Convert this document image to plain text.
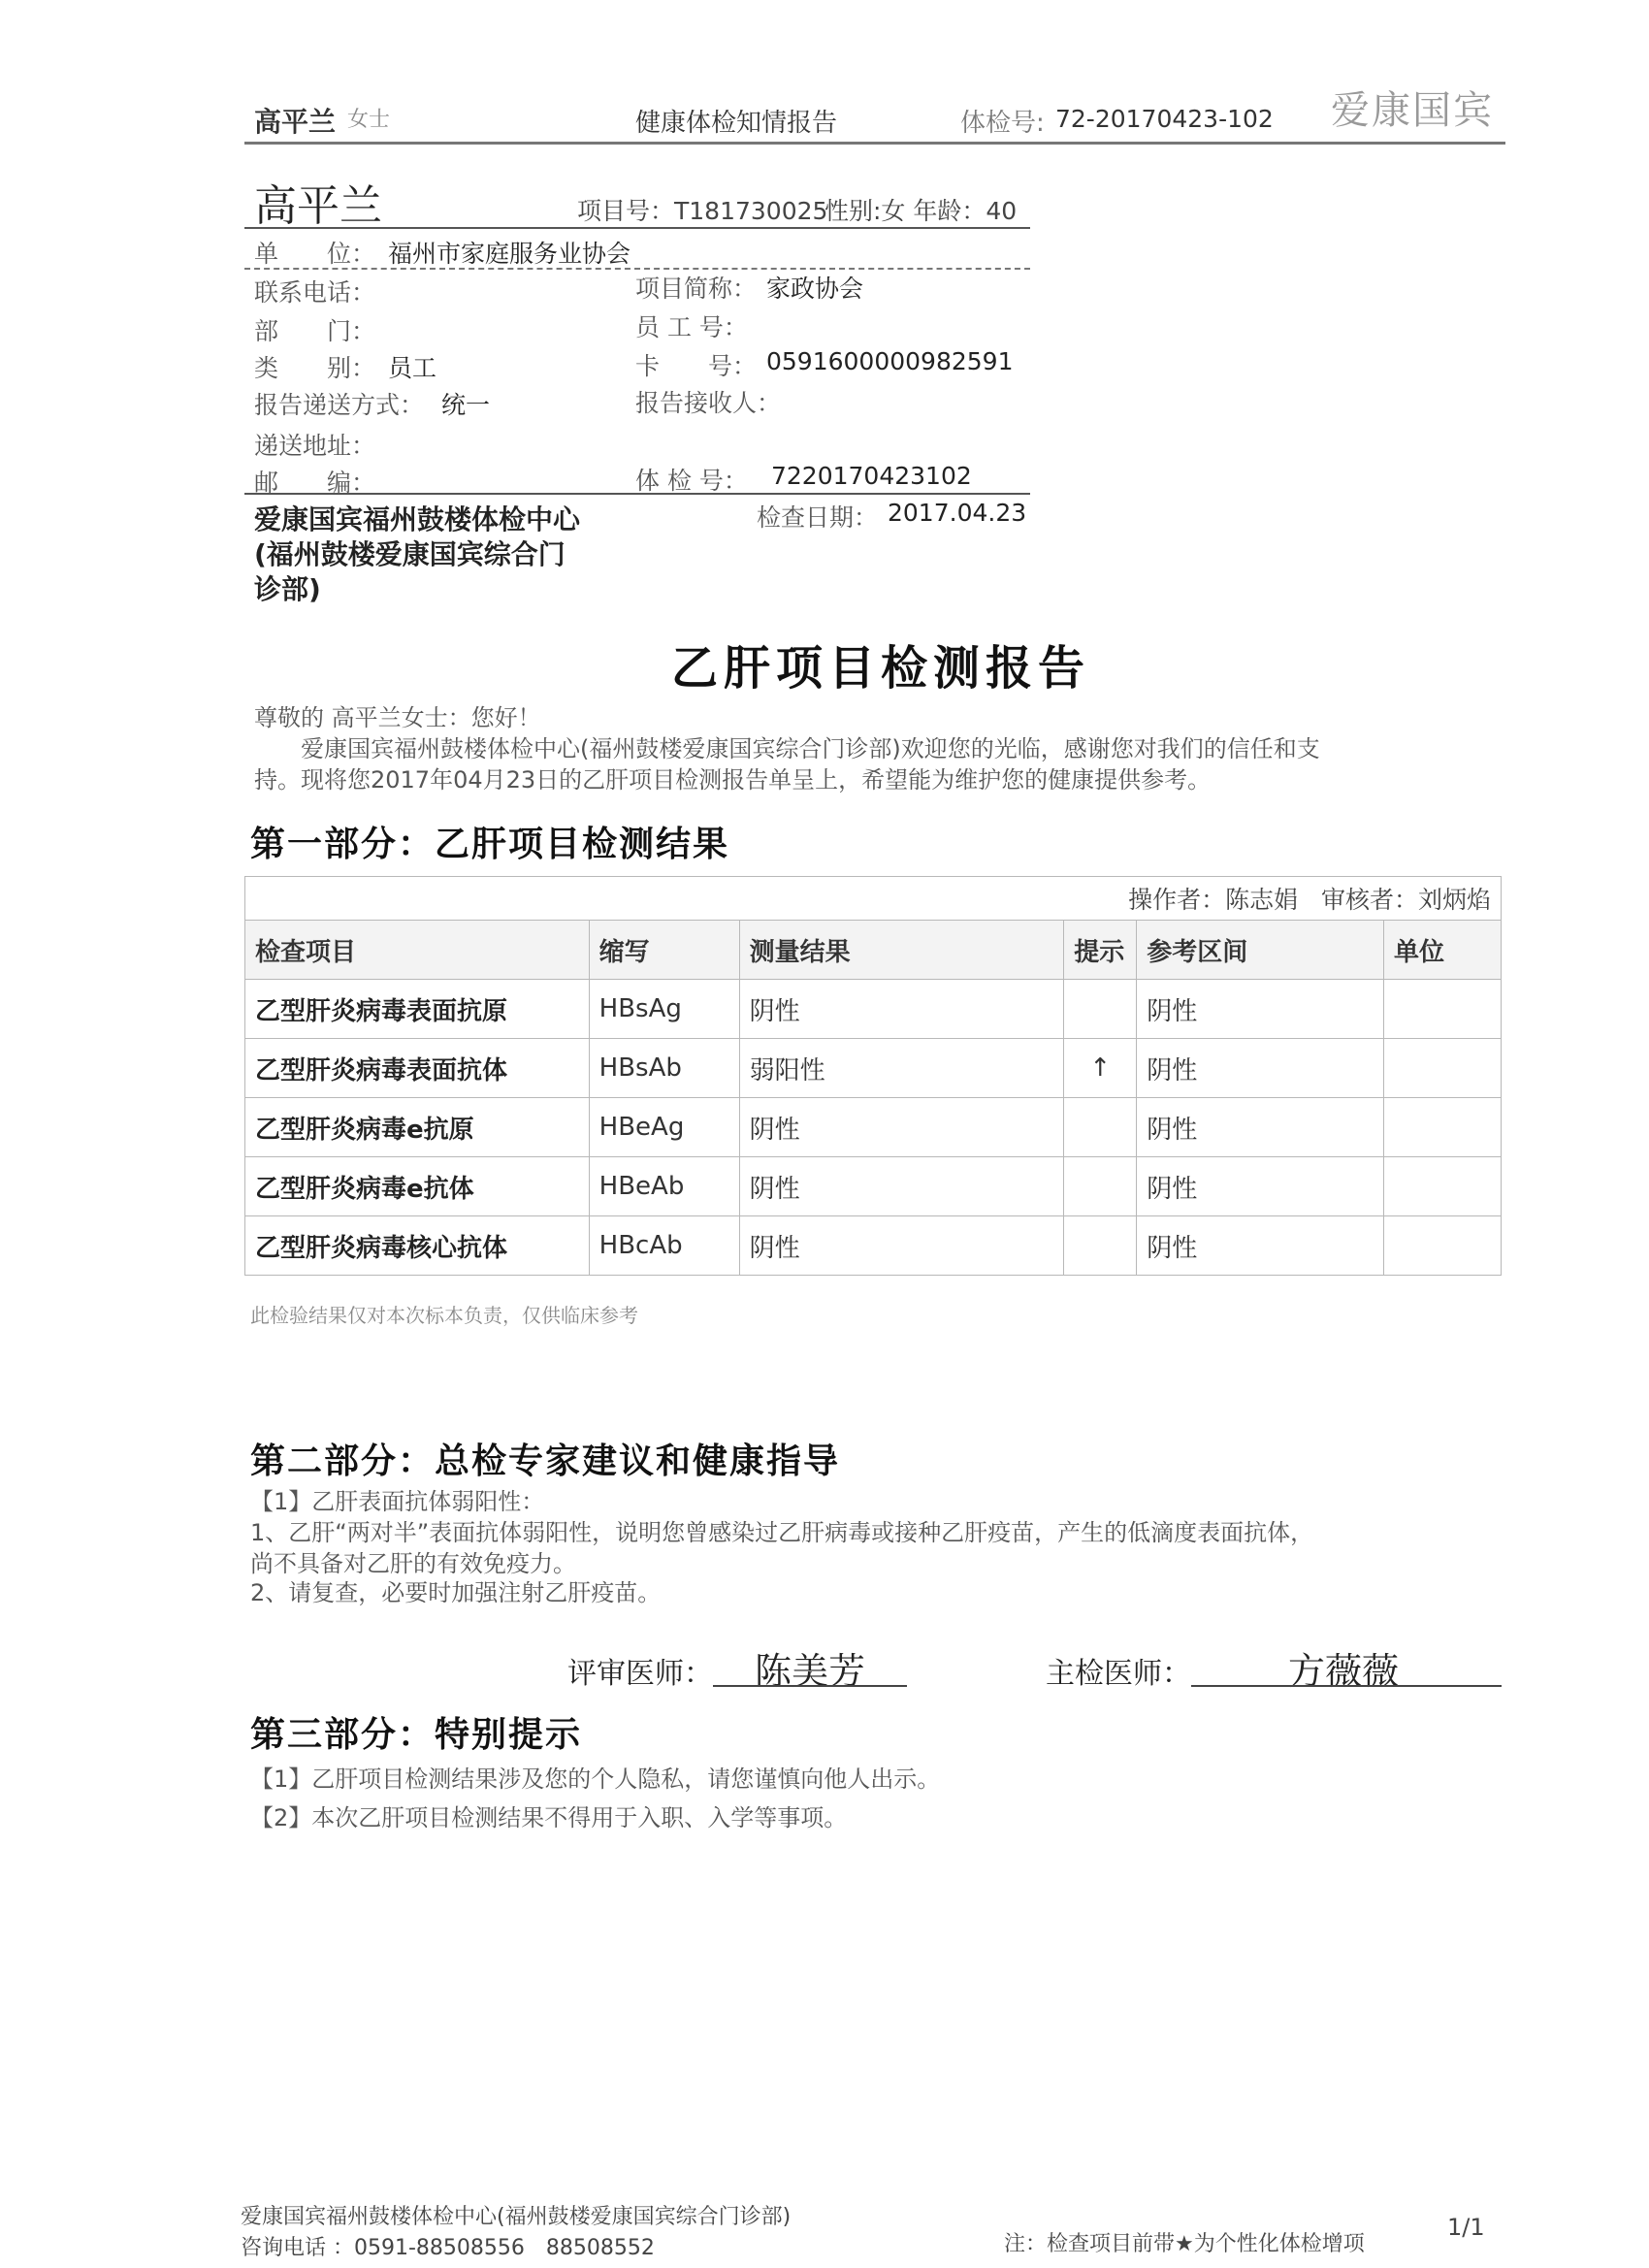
高平兰 女士	健康体检知情报告	体检号: 72-20170423-102 爱康国宾
高平兰	项目号：T181730025
性别:女 年龄：40
单　　位： 福州市家庭服务业协会
联系电话：	项目简称： 家政协会
部　　门：	员 工 号：
类　　别： 员工	卡　　号： 0591600000982591
报告递送方式： 统一	报告接收人：
递送地址：
邮　　编：	体 检 号： 7220170423102
爱康国宾福州鼓楼体检中心
(福州鼓楼爱康国宾综合门
诊部)
检查日期： 2017.04.23
乙肝项目检测报告
尊敬的 高平兰女士：您好！
爱康国宾福州鼓楼体检中心(福州鼓楼爱康国宾综合门诊部)欢迎您的光临，感谢您对我们的信任和支
持。现将您2017年04月23日的乙肝项目检测报告单呈上，希望能为维护您的健康提供参考。
第一部分：乙肝项目检测结果
操作者：陈志娟 审核者：刘炳焰					
检查项目	缩写	测量结果	提示	参考区间	单位
乙型肝炎病毒表面抗原	HBsAg	阴性		阴性	
乙型肝炎病毒表面抗体	HBsAb	弱阳性	↑	阴性	
乙型肝炎病毒e抗原	HBeAg	阴性		阴性	
乙型肝炎病毒e抗体	HBeAb	阴性		阴性	
乙型肝炎病毒核心抗体	HBcAb	阴性		阴性	
此检验结果仅对本次标本负责，仅供临床参考
第二部分：总检专家建议和健康指导
【1】乙肝表面抗体弱阳性：
1、乙肝“两对半”表面抗体弱阳性，说明您曾感染过乙肝病毒或接种乙肝疫苗，产生的低滴度表面抗体，
尚不具备对乙肝的有效免疫力。
2、请复查，必要时加强注射乙肝疫苗。
评审医师： 陈美芳	主检医师：	方薇薇
第三部分：特别提示
【1】乙肝项目检测结果涉及您的个人隐私，请您谨慎向他人出示。
【2】本次乙肝项目检测结果不得用于入职、入学等事项。
爱康国宾福州鼓楼体检中心(福州鼓楼爱康国宾综合门诊部)
咨询电话 ：0591-88508556　88508552	注：检查项目前带★为个性化体检增项
1/1
